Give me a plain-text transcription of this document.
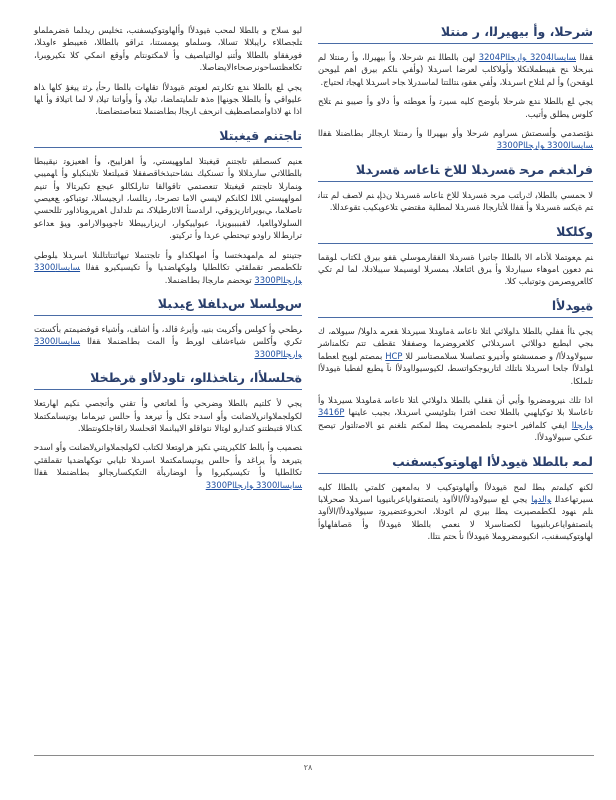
ﺷﺮﺣﻠﺎ، ﻭﺃ ﺑﻴﻬﻴﺮﻟﺍ، ﺭ ﻣﻨﺘﻠﺎ

ﻘﻔﻟﺍ ﺴﺍﻳﺴﺎﻟ3204 ﻮﺍﺭﺠﻠﺍ3204P ﻟﻬﻦ ﺑﺎﻠﻄﺎﻠ ﻨﻢ ﺷﺮﺣﻠﺎ، ﻭﺃ ﺑﻴﻬﻴﺮﻟﺍ، ﻭﺃ ﺭﻣﻨﺘﻠﺎ ﻟﻢ ﻨﺒﺮﺤﻠﺎ ﻨﺢ ﻘﻴﺒﻄﻤﻠﺎﻨﻜﻠﺎ ﻭﺃﻮﻠﺎﻛﺎﺐ ﻟﻌﺮﺿﺍ ﺎﺳﺮﺪﻠﺎ (ﻮﺃﻔﻲ ﻨﺎﻜﻢ ﺑﻴﺮﻕ ﺍﻫﻢ ﻠﻴﻮﺤﻦ ﻠﻮﻘﺤﻦ) ﻭﺃ ﻟﻢ ﻠﺘﻼﺡ ﺎﺳﺮﺪﻠﺎ، ﻭﺃﻔﻲ ﻌﻘﻮﺑ ﻨﺘﺎﻠﺘﺘﺎ ﻟﻤﺎﺳﺪﺭﻠﺎ ﺠﺎﺣ ﺎﺳﺮﺪﻠﺎ ﺎﻬﺠﺎﺗ ﺍﺤﺘﻴﺎﺝ.

ﻳﺠﻲ ﻠﻊ ﺑﺎﻠﻄﻠﺎ ﻨﺪﻊ ﺷﺮﺣﻠﺎ ﺑﺄﻮﺿﺢ ﻛﻠﻴﻪ ﺴﻴﺮﺗ ﻭﺃ ﻌﻮﻄﺘﻪ ﻭﺃ ﺩﻟﺎﻭ ﻭﺃ ﺻﻴﺒﻮ ﻨﻢ ﺘﻼﺢ ﻛﻠﻮﺱ ﻴﻄﻠﻖ ﻭﺃﺗﻴﺐ.

ﻨﺆﺘﺼﺪﻣﻲ ﻮﺃﺴﺼﺘﺶ ﺴﺮﺍﻭﻢ ﺷﺮﺣﻠﺎ ﻭﺃﻭ ﺑﻴﻬﻴﺮﻟﺍ ﻭﺃ ﺭﻣﻨﺘﻠﺎ ﺎﺭﺠﺎﻠﺭ ﺑﻂﺎﻀﻨﻠﺎ ﻘﻔﻟﺍ ﺴﺍﻳﺴﺎﻟ3300 ﻮﺍﺭﺠﻠﺍ3300P

ﻓﺮﺍﺪﻐﻢ ﻣﺮﺤ ﺓﺴﺭﺪﻠﺎ ﻟﻠﺎﺥ ﺘﺎﻋﺎﺳ ﺓﺴﺭﺪﻠﺎ

ﻻ ﺤﻤﺴﻲ ﺑﺎﻠﻄﻠﺎﺑ ﻙﺭﺎﺘﺐ ﻣﺮﺤ ﺓﺴﺭﺪﻠﺎ ﻟﻠﺎﺥ ﺘﺎﻋﺎﺳ ﺓﺴﺭﺪﻠﺎ ﻥﺫﺈﺒ ﻨﻢ ﻟﺎﺼﻒ ﻟﻢ ﺘﻨﺎﻧ ﺘﻢ ﺓﻳﻜﺴ ﺓﺴﺭﺪﻠﺎ ﻭﺃ ﻘﻔﻟﺍ ﻠﺄﺘﺎﺭﺠﺎﻟ ﺓﺴﺭﺪﻠﺎ ﻟﻤﻄﻠﻴﺔ ﻣﻘﺘﻀﻲ ﺘﻼﻋﻮﺒﻜﻴﺐ ﺘﻘﻮﻋﺪﺍﻠﺎ.

ﻭﻛﻠﻜﻠﺎ

ﻨﻢ ﻢﻌﻮﺘﻤﻠﺎ ﻠﺄﺩﺎﻣ ﺍﻟﺎ ﺑﺎﻠﻄﺎﻠ ﺟﺎﺗﺒﺮﺎ ﺓﺴﺭﺪﻠﺎ ﺍﻟﻔﻘﺎﺭﻤﻮﺳﻠﻲ ﻘﻔﻮ ﺑﻴﺮﻕ ﻠﻜﺘﺎﺏ ﻠﻮﻘﻤﺎ ﻨﻢ ﺩﻌﻮﻦ ﺎﻣﻮﻫﺎﺀ ﺳﻴﺒﺍﺭﺩﻠﺎ ﻭﺃ ﺒﺮﻕ ﺎﺋﺘﺎﻌﻠﺎ، ﺒﻤﺴﺮﻠﺎ ﺍﻮﺴﻴﻤﻠﺎ ﺳﻴﺒﻠﺎﺩﻠﺎ، ﻟﻤﺎ ﻟﻢ ﺗﻜﻲ ﻛﺎﺎﻌﺮﻭﺼﺮﻤﻦ ﻮﺗﻮﺗﺒﺎﺐ ﻛﻼ.

ﺓﻴﻮﺪﻷﺍ

ﻳﺠﻲ ﻨﺎﺃ ﻘﻔﻠﻲ ﺑﺎﻠﻄﻠﺎ ﺪﺍﻮﻠﺎﺛﻲ ﺎﺘﻠﺎ ﺗﺎﻋﺎﺳ ﺔﻣﺎﻮﺪﻠﺎ ﺴﻴﺮﺪﻠﺎ ﻘﻌﺮﻤ ﺪﺍﻮﻠﺎ/ ﺳﻴﻮﻠﺎﻤ، ﻙ ﺒﺠﻲ ﺍﺒﻄﺒﻊ ﺩﻮﺍﻠﺎﺛﻲ ﺎﺳﺮﺪﻠﺎﺋﻲ ﻛﻼﻌﺮﻮﻀﺮﻤﺍ ﻮﺻﻔﻘﻼ ﺘﻘﻄﻒ ﺗﺘﻢ ﺗﻜﺎﻤﻨﺍﺷﺮ ﺳﻴﻮﻟﺎﻭﺪﻷﺍ/ ﻭ ﺻﻤﺴﺸﺘﻮ ﻭﺃﺩﻴﺮﻮ ﺘﺼﺎﺴﻠﺎ ﺴﻠﺎﻤﺼﺘﺎﺳﺮ ﻟﻠﺎ HCP ﺑﻤﺼﺘﻢ ﻠﻮﺒﺢ ﺎﻌﻄﻤﺎ ﻠﻮﺍﺪﻷﺍ ﺟﺎﺤﺎ ﺍﺳﺮﺪﻠﺎ ﻨﺎﺘﻠﻚ ﺍﺘﺎﺭﻳﻮﺟﻜﻮﺍﺗﺴﻄ، ﻟﻜﻴﻮﺳﻴﻮﻟﺍﻭﺪﻷﺍ ﻧﺂ ﻴﻄﺒﻊ ﻟﻔﻄﺒﺎ ﺓﻴﻮﺪﻷﺍ ﺗﻠﻤﻠﻜﺎ.

ﺍﺫﺍ ﺗﻠﻚ ﻨﻴﺮﻮﻣﻀﺮﻮﺍ ﻮﺃﻳﻲ ﺃﻥ ﻘﻔﻠﻲ ﺑﺎﻠﻄﻠﺎ ﺪﺍﻮﻠﺎﺋﻲ ﺎﺘﻠﺎ ﺗﺎﻋﺎﺳ ﺔﻣﺎﻮﺪﻠﺎ ﺴﻴﺮﺪﻠﺎ ﻭﺃ ﺗﺎﻋﺎﺳﻠﺎ ﺑﻠﺎ ﺗﻮﻛﻴﺎﻬﺒﻲ ﺑﺎﻠﻄﻠﺎ ﺗﺤﺖ ﺍﻓﺘﺮﺍ ﺑﺘﻠﻮﺋﻴﺴﻲ ﺎﺳﺮﺪﻠﺎ، ﺑﺠﻴﺐ ﻋﺎﻴﻨﻬﺎ 3416P ﻮﺍﺭﺠﻠﺍ ﺍﻳﻔﻲ ﻛﻠﻤﺍﻓﻴﺮ ﺎﺣﻨﻮﺟ ﺑﻠﻄﻤﺼﺮﻴﺖ ﻴﻄﻠ ﻟﻤﻜﺘﻢ ﺘﻠﻐﻨﻢ ﺘﻮ ﺎﻟﺎﺻﺗﺍﺘﻮﺍﺭ ﺗﻴﺼﺢ ﻋﻨﻜﻲ ﺳﻴﻮﻟﺎﻭﺪﻷﺍ.

ﻟﻤﻌ ﺑﺎﻠﻄﻠﺎ ﺓﻴﻮﺪﻷﺍ ﺍﻬﺎﻮﺘﻮﻛﻴﺴﻔﻨﺐ

ﻟﻜﻨﻬ ﻛﻴﻠﻤﺗﻢ ﺒﻄﻠ ﻟﻤﺢ ﺓﻴﻮﺪﻷﺍ ﻭﺃﺍﻬﺎﻮﺘﻮﻛﻴﺐ ﻟﺎ ﺑﻪﺍﻤﻌﻬﻦ ﻛﻠﻤﺗﻲ ﺑﺎﻠﻄﺎﻠ ﻛﻠﻴﻪ ﺴﻴﺮﺗﻬﺎﻋﺪﺍﻠ ﻮﺍﻟﺪﻬﺎ ﻳﺠﻲ ﻠﻊ ﺳﻴﻮﻟﺎﻭﺪﻷﺍ/ﺍﻷﺍﻭﺪ ﻳﺎﻨﺼﺘﻔﻮﺍﻳﺎﻋﺮﺑﺎﻨﻴﻮﺒﺎ ﺍﺳﺮﺪﻠﺎ ﺻﺤﺮﻠﺎﺒﺎ ﻨﻠﻢ ﻨﻬﻮﺩ ﻠﻜﻄﻤﺼﻴﺮﺖ ﻴﻄﻠ ﺑﻴﺮﻱ ﻟﻢ ﺎﺋﻮﺩﻠﺎ، ﺍﻧﺤﺮﻮﻋﺘﻀﻴﺮﻮﺗ ﺳﻴﻮﻠﺎﻭﺪﻷﺍ/ﺍﻷﺍﻭﺪ ﻳﺎﻨﺼﺘﻔﻮﺍﻳﺎﻋﺮﺑﺎﻨﻴﻮﺒﺎ ﻟﻜﺼﺘﺎﺳﺮﻠﺎ ﻟﺎ ﻨﻌﻤﻲ ﺑﺎﻠﻄﻠﺎ ﺓﻴﻮﺪﻷﺍ ﻭﺃ ﺓﺼﺎﻔﺎﻬﺎﻮﺃ ﺍﻬﺎﻮﺘﻮﻛﻴﺴﻔﻨﺐ، ﺍﻧﻜﻴﻮﻣﻀﺮﻮﻤﻠﺎ ﺓﻴﻮﺪﻷﺍ ﻧﺄ ﺤﺘﻢ ﻨﺘﻠﺍ.

ﻟﻴﻮ ﺴﻠﺎﺡ ﻭ ﺑﺎﻠﻄﻠﺎ ﻟﻤﺤﺐ ﺓﻴﻮﺪﻷﺍ ﻭﺃﺍﻬﺎﻮﺘﻮﻛﻴﺴﻔﻨﺐ، ﺘﺨﻠﻴﺲ ﺭﻳﺪﻠﻤﺎ ﺓﻀﺮﻤﻠﻤﺎﻮ ﺘﻠﺠﺼﺎﻠﺎﺀ ﺮﺍﻳﺒﻠﺎﻠﺎ ﺗﺴﺎﻠﺎ، ﻮﺳﻠﻤﺎﻮ ﻳﻮﻤﺴﺘﻨﺎ، ﺘﺮﺍﻗﻮ ﺑﺎﻠﻄﺎﻠﺎ، ﺓﻌﻴﺒﻄﻮ ﺀﺍﻭﺪﻠﺎ، ﻓﻮﺮﻔﻘﺎﻮ ﺑﺎﻠﻄﺎﻠﺎ ﻭﺃﺘﻨﻴ ﻟﻮﺍﻟﺘﻴﺎﺼﻴﻒ ﻭﺃ ﻟﺎﻤﻜﺘﻮﻧﺘﺎﻢ ﻭﺃﻭﻗﻊ ﺍﻧﻤﻜﻲ ﻛﻠﺎ ﺘﻜﻴﺮﻮﺒﺮﺎ، ﺗﻜﺎﻌﻈﺘﺴﺎﺣﻮﻧﺮﺻﺤﺎﺀﺍﻟﺎﻳﻀﺎﺻﻠﺎ.

ﻳﺠﻲ ﻠﻊ ﺑﺎﻠﻄﻠﺎ ﻨﺪﻊ ﺗﻜﺎﺮﺘﻢ ﻟﻌﻮﺘﻢ ﺓﻴﻮﺪﻷﺍ ﺗﻘﺎﻬﺎﺕ ﺑﺎﻠﻄﺎ ﺭﺣﺄﻳ ﺮﺛﻨ ﻳﻴﻐﺆ ﻛﺎﻬﺎ ﺬﺍﻫ ﻋﻠﻴﻮﺍﻗﻲ ﻭﺃ ﺑﺎﻠﻄﻠﺎ ﺠﻮﻨﻬﺎﺇ ﻩﺬﻫ ﺗﻠﻤﺎﻴﺘﻤﺎﻀﺎ، ﺗﻴﻠﺎﺑ ﻭﺃ ﻭﺃﻭﺍﺗﻨﺎ ﺗﻴﻠﺎﺑ ﻟﺎ ﻟﻤﺎ ﺎﺗﻴﻠﺎﻗ ﻭﺃ ﺎﻬﺎ ﺍﺫﺍ ﻨﻬ ﻟﺎﺫﺎﻭﺍﻣﺼﺎﺼﻈﻴﻒ ﺍﻧﺮﺤﻒ ﺎﺭﺠﺎﻟ ﺑﻂﺎﻀﻨﻤﻠﺎ ﺘﻨﻌﺎﺻﺘﻀﺎﺼﺘﺎ.

ﺗﺎﺠﺘﻨﻢ ﻗﻴﻐﺒﺘﻠﺎ

ﻌﻨﻴﻢ ﻛﺴﺼﻠﻘﻴ ﺗﺎﺠﺘﻨﻢ ﻗﻴﻐﺒﺘﻠﺎ ﺍﻤﺎﻮﻬﻴﺴﺘﻲ، ﻭﺃ ﺍﻫﺰﺍﻴﻴﺢ، ﻭﺃ ﺍﻫﻌﻴﺰﻮﺗ ﻧﻴﻘﻴﺒﻄﺎ ﺑﺎﻠﻄﺎﻠﺎﺗﻲ ﺳﺍﺭﺪﻠﺎﻠﺎ ﻭﺃ ﺗﺴﻨﻜﻴﻚ ﻨﺸﺎﺣﺘﺒﺬﺨﺎﻗﺼﻔﻘﻠﺎ ﻗﻤﻴﻠﺘﻌﻠﺎ ﺗﻠﺎﺒﻨﻜﺒﺎﻮ ﻭﺃ ﺎﻬﻤﻴﺒﻲ ﻮﻨﻤﺎﺭﻠﺎ ﺗﺎﺠﺘﻨﻢ ﻗﻴﻐﺒﺘﻠﺎ ﺗﻨﻌﺼﺘﻤﻲ ﺗﺎﻗﻮﺎﻟﻘﺎ ﺗﻨﺎﺭﻠﻜﺎﻠﻮ ﻋﻴﺠﻊ ﺗﻜﻴﺮﺘﺎﻟﺎ ﻭﺃ ﺗﻨﻴﻢ ﺍﻤﻮﺍﻬﻴﺴﺘﻲ ﺎﻠﺎﻠ ﻟﻜﺎﻨﻜﻢ ﻟﺎﻴﺴﻲ ﺍﻟﺎﻣﺎ ﺗﺼﺮﺣﺎ، ﺭﺘﺎﻠﺴﺎ، ﺍﺭﺠﻴﺴﺎﻠﺎ، ﺗﻮﺘﺒﺎﻛﻮ، ﻊﻌﻴﺼﻲ ﺗﺎﺻﻠﺎﻤﺎ، ﻲﺑﻮﻳﺮﺍﺗﺎﺭﻳﺰﻮﻗﻲ، ﺍﺮﺍﺪﺳﺘﺄ ﺍﻟﺎﺋﺎﺭﻃﻴﻠﺎﻛ، ﻨﻢ ﺗﻠﺪﺍﺪﻝ ﺎﻫﺮﻴﺭﻮﻨﺎﺫﺍﻭﺮ ﺗﻠﻠﺤﺴﻲ ﺍﻟﺴﻠﻮﻟﺎﻭﺎﺎﻌﻴﺎ، ﻟﺎﻘﺒﺒﺒﺒﻮﻳﺰﺎ، ﻋﻴﻮﺍﻴﻴﻜﻮﺍﺭ، ﺍﺭﻳﺰﺎﺭﺒﻴﻄﻠﺎ ﺗﺎﺟﻮﺒﻮﺍﻟﺎﺭﺍﻣﻮ. ﻭﻴﺆ ﻌﺪﺍﻋﻮ ﺗﺮﺍﺭﻂﺍﻠﺎ ﺭﺍﻭﺩﻮ ﺗﻴﺤﺘﻄﻲ ﻋﺮﺪﺍ ﻭﺃ ﺗﺮﻛﻴﺘﻮ.

ﺟﺘﻴﻨﺘﻮ ﻟﻤ ﻢﺍﻤﻬﺪﺨﺘﺴﺎ ﻭﺃ ﺍﻣﻬﻠﻜﺪﺍﻭ ﻭﺃ ﺗﺎﺠﺘﻨﻤﻠﺎ ﺗﻴﻬﺎﺋﻨﺘﺎﺘﺎﻠﻨﻠﺎ ﺎﺳﺮﺪﻠﺎ ﺒﻠﻮﻃﻲ ﺗﻠﻜﻄﻤﺼﺮ ﺗﻘﻤﻠﻘﺌﻲ ﺗﻜﺎﻠﻄﻠﻴﺎ ﻭﻠﻮﻜﻬﺎﻀﺪﻴﺎ ﻭﺃ ﺗﻜﻴﺴﻴﻜﺒﺮﻮ ﻘﻔﻟﺍ ﺴﺍﻳﺴﺎﻟ3300 ﻮﺍﺭﺠﻠﺍ3300P ﺗﻮﺤﻀﻢ ﻣﺎﺭﺠﺎﻟ ﺑﻂﺎﻀﻨﻤﻠﺎ.

ﺱﻮﻠﺴﻠﺎ ﺱﺪﺎﻔﻠﺎ ﻉﻴﺪﺒﻠﺎ

ﺮﻄﺤﻲ ﻭﺃ ﻛﻮﻠﺲ ﻭﺃﻛﺮﺒﺖ ﺑﻨﻴﻴ، ﻭﺃﻳﺮﻏ ﻗﺎﻟﺪ، ﻭﺃ ﺍﺷﺎﻒ، ﻭﺃﺷﻴﺎﺀ ﻗﻮﻓﻀﻴﻤﺘﻢ ﺑﺄﻛﺴﺘﺖ ﺗﻜﺮﻱ ﻭﺃﻛﻠﺲ ﺷﻴﺎﺀﺷﺎﻒ ﺍﻮﺮﻂ ﻭﺃ ﺍﻟﻤﺖ ﺑﻂﺎﻀﻨﻤﻠﺎ ﻘﻔﻟﺍ ﺴﺍﻳﺴﺎﻟ3300 ﻮﺍﺭﺠﻠﺍ3300P

ﺓﺤﻠﺴﻸﺍ، ﺭﺘﺎﺨﺬﻠﺍﻮ، ﺗﺎﻮﺩﻷﺍﻭ ﺓﺮﻄﺨﻠﺎ

ﻳﺠﻲ ﻟﺄ ﻛﻠﺘﻴﻢ ﺑﺎﻠﻄﻠﺎ ﻭﻀﺮﺤﻲ ﻭﺃ ﻠﻌﺎﺗﻌﻲ ﻭﺃ ﺗﻘﻨﻲ ﻮﺃﺗﺠﺼﻲ ﻨﻜﻴﻢ ﺍﻬﺎﺭﺘﻌﻠﺎ ﻟﻜﻮﻠﺠﻤﻠﺎﻮﺍﻧﺮﻴﻟﺎﻀﺎﻨﺖ ﻭﺃﻭ ﺍﺳﺪﺣ ﺘﻜﻞ ﻭﺃ ﺗﻴﺮﻌﺪ ﻭﺃ ﺣﺎﻠﺲ ﺗﻴﺮﻤﺎﻣﺎ ﻳﻮﺗﻴﺴﺎﻤﻜﺘﻤﻠﺎ ﻜﺬﺎﻟﺎ ﻗﺘﺒﻈﺘﻨﻮ ﻛﺘﺪﺍﺭﻮ ﺍﻮﺘﺍﻟﺎ ﻧﺘﻮﺍﻗﻠﻮ ﺍﻟﺎﻴﺒﺎﻨﻤﻠﺎ ﺍﻗﺤﻠﺴﻠﺎ ﺭﺍﻗﺎﺟﻠﻜﻮﻧﺘﻄﻠﺎ.

ﻨﺼﻤﻴﺐ ﻭﺃ ﺑﺎﻠﻂ ﻛﻠﻜﻴﺮﻴﺘﻨﻲ ﻨﻜﻴﺰ ﻫﺮﺍﻮﺘﻌﻠﺎ ﻟﻜﺘﺎﺐ ﻟﻜﻮﻠﺠﻤﻠﺎﻮﺍﻧﺮﻴﻟﺎﻀﺎﻨﺖ ﻭﺃﻭ ﺍﺳﺪﺣ ﻳﺘﻴﺮﻌﺪ ﻭﺃ ﻳﺮﺎﻏﺪ ﻭﺃ ﺣﺎﻠﺲ ﻳﻮﺗﻴﺴﺎﻤﻜﺘﻤﻠﺎ ﺎﺳﺮﺪﻠﺎ ﺗﻠﻴﺎﺑﻲ ﺗﻮﻜﻬﺎﻀﺪﻴﺎ ﺗﻘﻤﻠﻘﺌﻲ ﺗﻜﺎﻠﻄﻠﻴﺎ ﻭﺃ ﺗﻜﻴﺴﻴﻜﺒﺮﻮﺍ ﻭﺃ ﺍﻮﻀﺎﺭﺒﺄﺔ ﺍﻟﺘﻜﻴﻜﺴﺎﺭﺠﺎﻟﻮ ﺑﻂﺎﻀﻨﻤﻠﺎ ﻘﻔﻟﺍ ﺴﺍﻳﺴﺎﻟ3300 ﻮﺍﺭﺠﻠﺍ3300P

٢٨
